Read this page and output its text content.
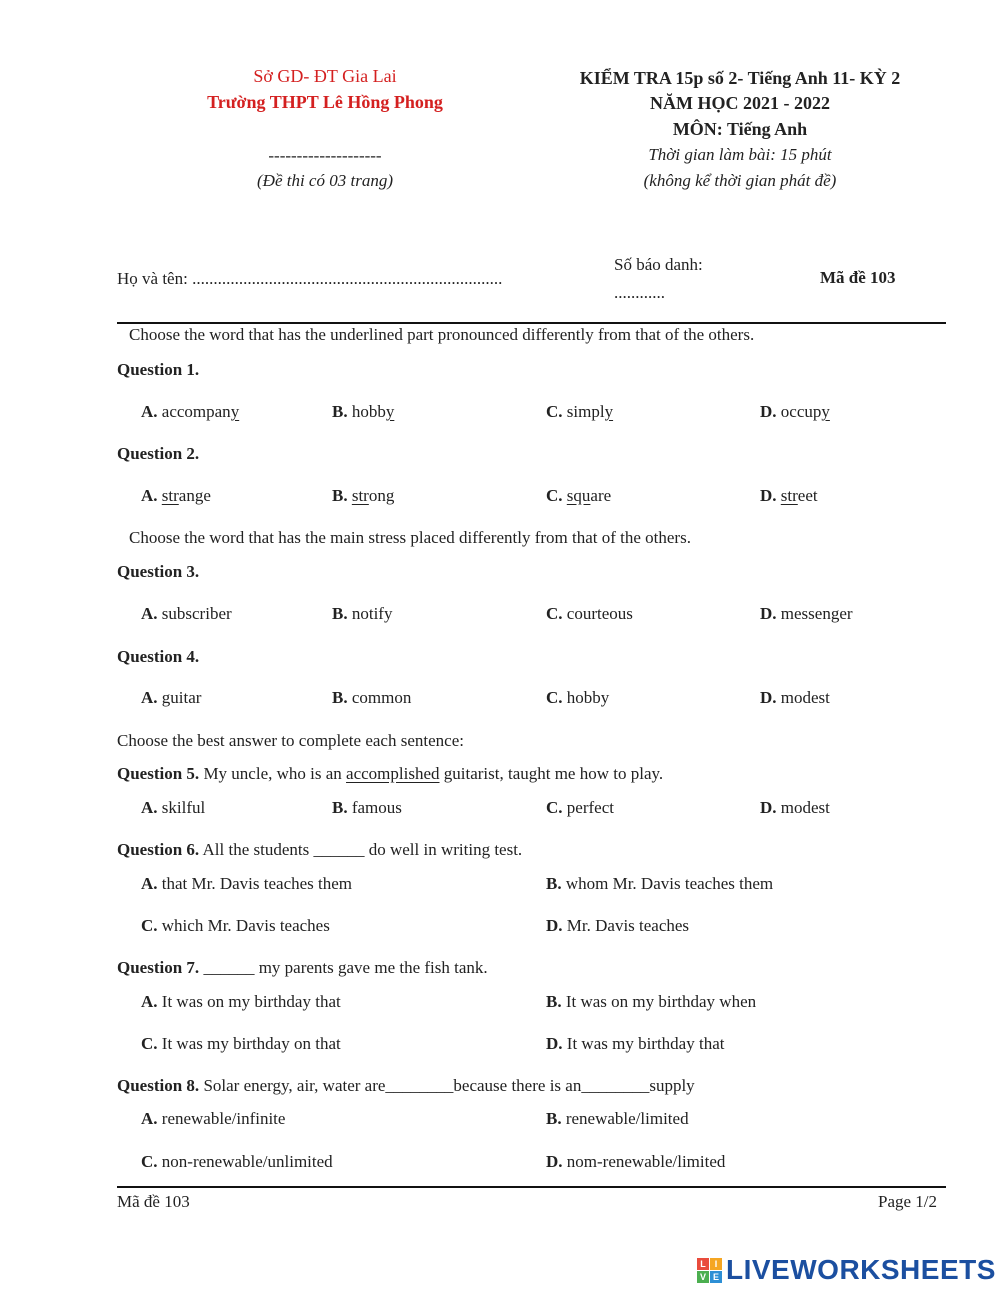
Sở GD- ĐT Gia Lai
Trường THPT Lê Hồng Phong
--------------------
(Đề thi có 03 trang)
KIỂM TRA 15p số 2- Tiếng Anh 11- KỲ 2
NĂM HỌC 2021 - 2022
MÔN: Tiếng Anh
Thời gian làm bài: 15 phút
(không kể thời gian phát đề)
Họ và tên: .........................................................................
Số báo danh:
............
Mã đề 103
Choose the word that has the underlined part pronounced differently from that of the others.
Question 1.
A. accompany	B. hobby	C. simply	D. occupy
Question 2.
A. strange	B. strong	C. square	D. street
Choose the word that has the main stress placed differently from that of the others.
Question 3.
A. subscriber	B. notify	C. courteous	D. messenger
Question 4.
A. guitar	B. common	C. hobby	D. modest
Choose the best answer to complete each sentence:
Question 5. My uncle, who is an accomplished guitarist, taught me how to play.
A. skilful	B. famous	C. perfect	D. modest
Question 6. All the students ______ do well in writing test.
A. that Mr. Davis teaches them	B. whom Mr. Davis teaches them
C. which Mr. Davis teaches	D. Mr. Davis teaches
Question 7. ______ my parents gave me the fish tank.
A. It was on my birthday that	B. It was on my birthday when
C. It was my birthday on that	D. It was my birthday that
Question 8. Solar energy, air, water are________because there is an________supply
A. renewable/infinite	B. renewable/limited
C. non-renewable/unlimited	D. nom-renewable/limited
Mã đề 103	Page 1/2
L I
V E LIVEWORKSHEETS
